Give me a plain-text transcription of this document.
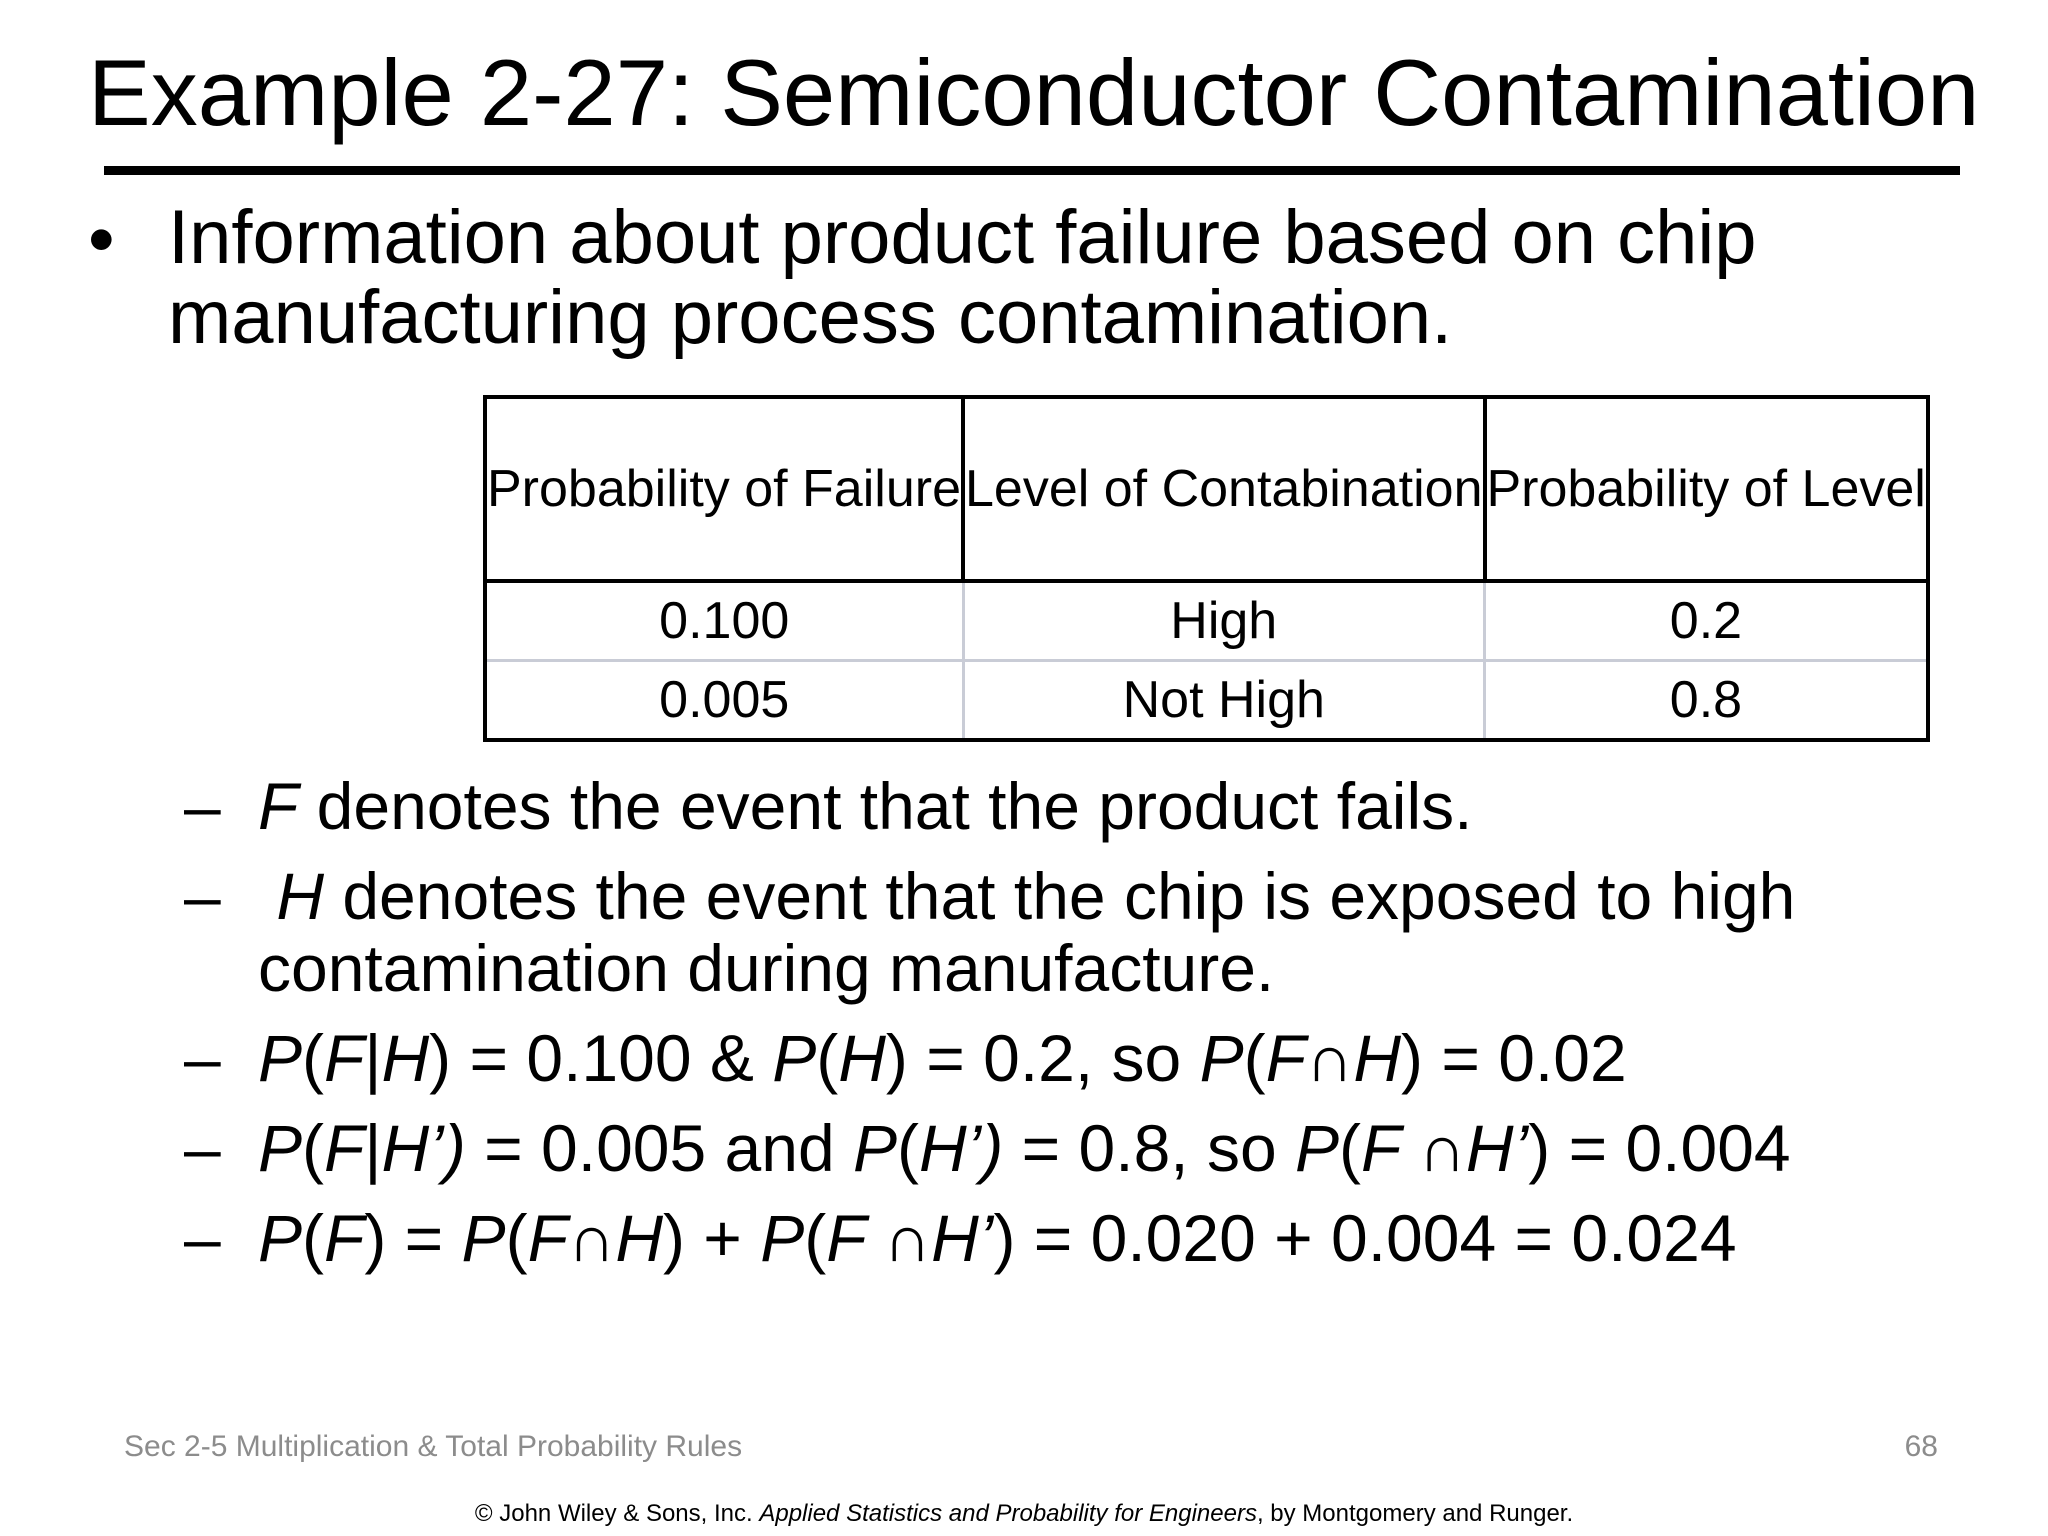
Example 2-27: Semiconductor Contamination
• Information about product failure based on chip manufacturing process contamination.
Probability of Failure	Level of Contabination	Probability of Level
0.100	High	0.2
0.005	Not High	0.8
– F denotes the event that the product fails.
– H denotes the event that the chip is exposed to high contamination during manufacture.
– P(F|H) = 0.100 & P(H) = 0.2, so P(F∩H) = 0.02
– P(F|H’) = 0.005 and P(H’) = 0.8, so P(F ∩H’) = 0.004
– P(F) = P(F∩H) + P(F ∩H’) = 0.020 + 0.004 = 0.024
Sec 2-5 Multiplication & Total Probability Rules	68
© John Wiley & Sons, Inc. Applied Statistics and Probability for Engineers, by Montgomery and Runger.
